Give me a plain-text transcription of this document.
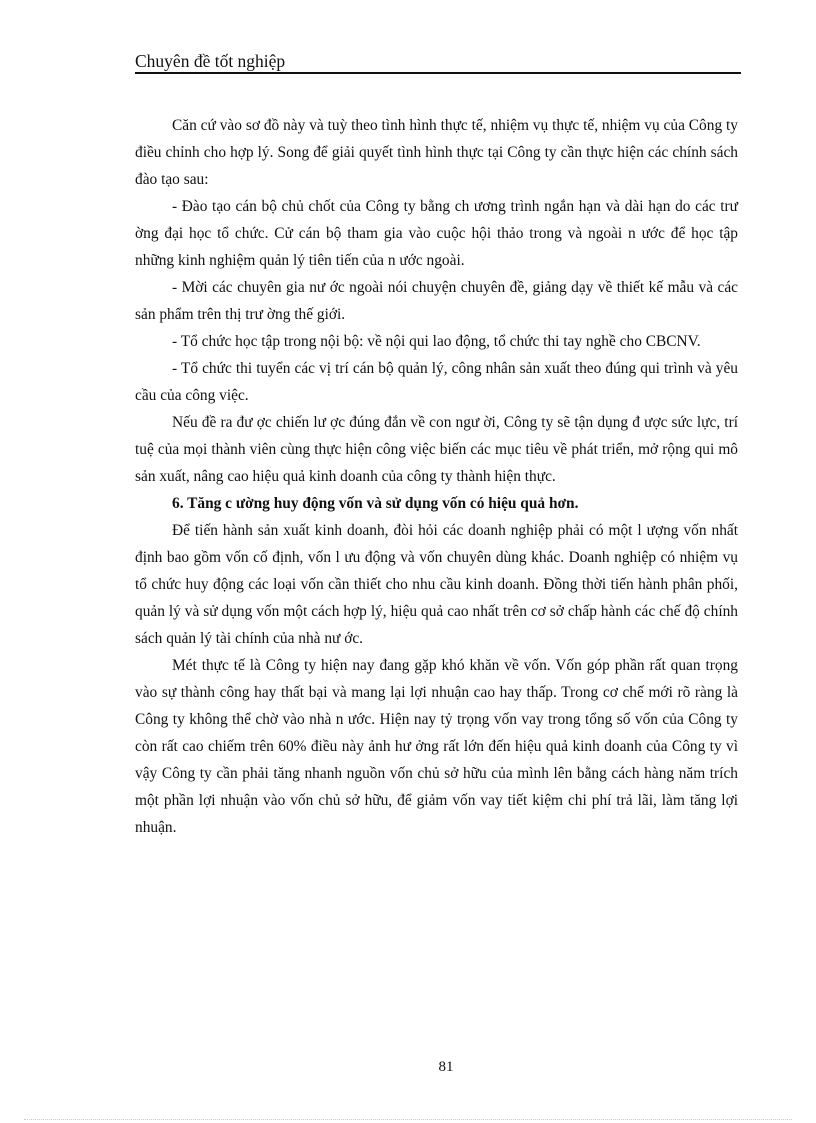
Chuyên đề tốt nghiệp

Căn cứ vào sơ đồ này và tuỳ theo tình hình thực tế, nhiệm vụ thực tế, nhiệm vụ của Công ty điều chỉnh cho hợp lý. Song để giải quyết tình hình thực tại Công ty cần thực hiện các chính sách đào tạo sau:

- Đào tạo cán bộ chủ chốt của Công ty bằng ch ương trình ngắn hạn và dài hạn do các trư ờng đại học tổ chức. Cử cán bộ tham gia vào cuộc hội thảo trong và ngoài n ước để học tập những kinh nghiệm quản lý tiên tiến của n ước ngoài.

- Mời các chuyên gia nư ớc ngoài nói chuyện chuyên đề, giảng dạy về thiết kế mẫu và các sản phẩm trên thị trư ờng thế giới.

- Tổ chức học tập trong nội bộ: về nội qui lao động, tổ chức thi tay nghề cho CBCNV.

- Tổ chức thi tuyển các vị trí cán bộ quản lý, công nhân sản xuất theo đúng qui trình và yêu cầu của công việc.

Nếu đề ra đư ợc chiến lư ợc đúng đắn về con ngư ời, Công ty sẽ tận dụng đ ược sức lực, trí tuệ của mọi thành viên cùng thực hiện công việc biến các mục tiêu về phát triển, mở rộng qui mô sản xuất, nâng cao hiệu quả kinh doanh của công ty thành hiện thực.

6. Tăng c ường huy động vốn và sử dụng vốn có hiệu quả hơn.

Để tiến hành sản xuất kinh doanh, đòi hỏi các doanh nghiệp phải có một l ượng vốn nhất định bao gồm vốn cố định, vốn l ưu động và vốn chuyên dùng khác. Doanh nghiệp có nhiệm vụ tổ chức huy động các loại vốn cần thiết cho nhu cầu kinh doanh. Đồng thời tiến hành phân phối, quản lý và sử dụng vốn một cách hợp lý, hiệu quả cao nhất trên cơ sở chấp hành các chế độ chính sách quản lý tài chính của nhà nư ớc.

Mét thực tế là Công ty hiện nay đang gặp khó khăn về vốn. Vốn góp phần rất quan trọng vào sự thành công hay thất bại và mang lại lợi nhuận cao hay thấp. Trong cơ chế mới rõ ràng là Công ty không thể chờ vào nhà n ước. Hiện nay tỷ trọng vốn vay trong tổng số vốn của Công ty còn rất cao chiếm trên 60% điều này ảnh hư ởng rất lớn đến hiệu quả kinh doanh của Công ty vì vậy Công ty cần phải tăng nhanh nguồn vốn chủ sở hữu của mình lên bằng cách hàng năm trích một phần lợi nhuận vào vốn chủ sở hữu, để giảm vốn vay tiết kiệm chi phí trả lãi, làm tăng lợi nhuận.

81
